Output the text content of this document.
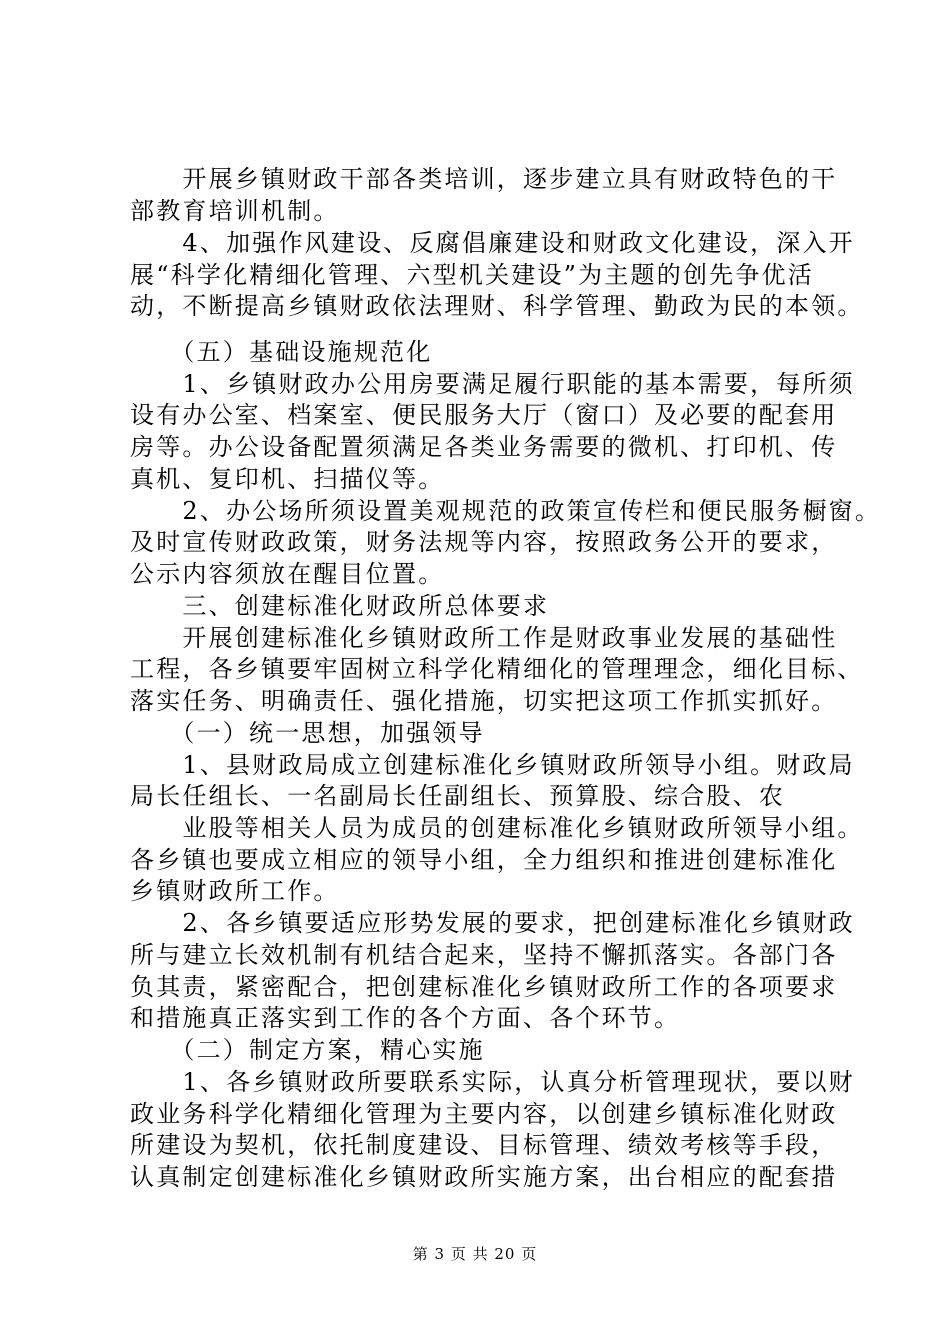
　　开展乡镇财政干部各类培训，逐步建立具有财政特色的干

部教育培训机制。

　　4、加强作风建设、反腐倡廉建设和财政文化建设，深入开

展“科学化精细化管理、六型机关建设”为主题的创先争优活

动，不断提高乡镇财政依法理财、科学管理、勤政为民的本领。

　　（五）基础设施规范化

　　1、乡镇财政办公用房要满足履行职能的基本需要，每所须

设有办公室、档案室、便民服务大厅（窗口）及必要的配套用

房等。办公设备配置须满足各类业务需要的微机、打印机、传

真机、复印机、扫描仪等。

　　2、办公场所须设置美观规范的政策宣传栏和便民服务橱窗。

及时宣传财政政策，财务法规等内容，按照政务公开的要求，

公示内容须放在醒目位置。

　　三、创建标准化财政所总体要求

　　开展创建标准化乡镇财政所工作是财政事业发展的基础性

工程，各乡镇要牢固树立科学化精细化的管理理念，细化目标、

落实任务、明确责任、强化措施，切实把这项工作抓实抓好。

　　（一）统一思想，加强领导

　　1、县财政局成立创建标准化乡镇财政所领导小组。财政局

局长任组长、一名副局长任副组长、预算股、综合股、农

　　业股等相关人员为成员的创建标准化乡镇财政所领导小组。

各乡镇也要成立相应的领导小组，全力组织和推进创建标准化

乡镇财政所工作。

　　2、各乡镇要适应形势发展的要求，把创建标准化乡镇财政

所与建立长效机制有机结合起来，坚持不懈抓落实。各部门各

负其责，紧密配合，把创建标准化乡镇财政所工作的各项要求

和措施真正落实到工作的各个方面、各个环节。

　　（二）制定方案，精心实施

　　1、各乡镇财政所要联系实际，认真分析管理现状，要以财

政业务科学化精细化管理为主要内容，以创建乡镇标准化财政

所建设为契机，依托制度建设、目标管理、绩效考核等手段，

认真制定创建标准化乡镇财政所实施方案，出台相应的配套措

第 3 页 共 20 页
